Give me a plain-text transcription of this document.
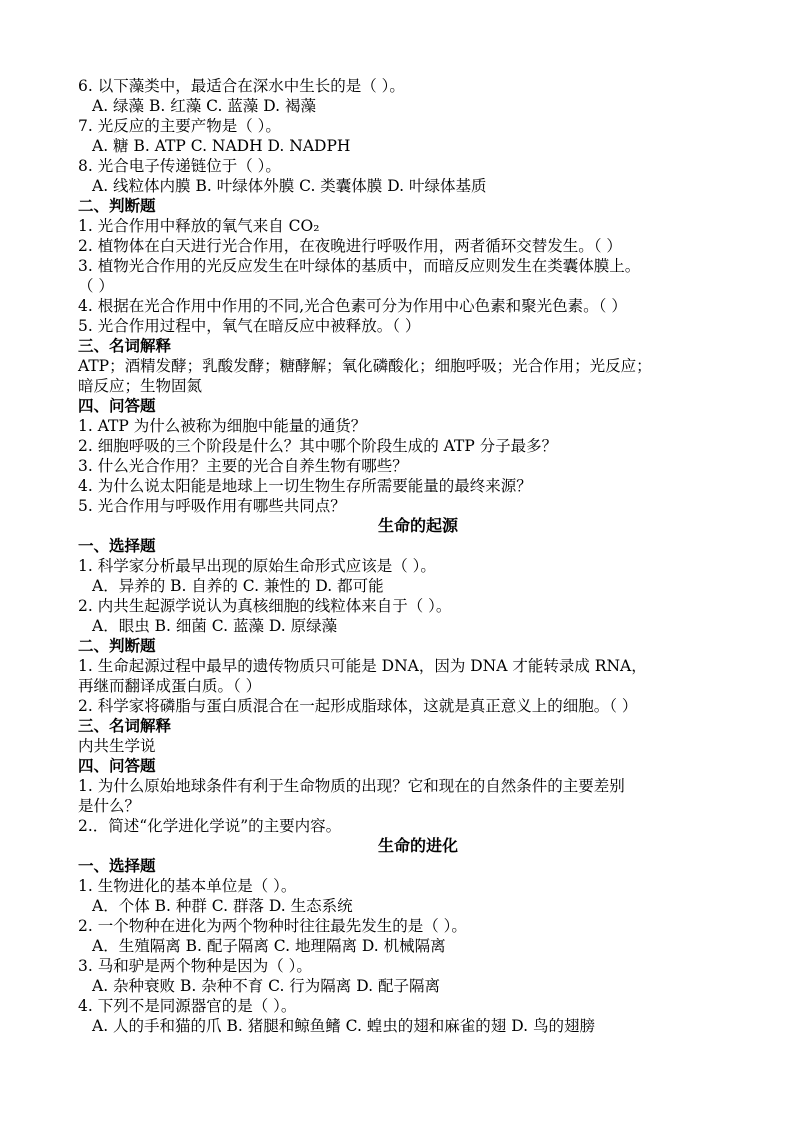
6. 以下藻类中，最适合在深水中生长的是（ ）。
A. 绿藻 B. 红藻 C. 蓝藻 D. 褐藻
7. 光反应的主要产物是（ ）。
A. 糖 B. ATP C. NADH D. NADPH
8. 光合电子传递链位于（ ）。
A. 线粒体内膜 B. 叶绿体外膜 C. 类囊体膜 D. 叶绿体基质
二、判断题
1. 光合作用中释放的氧气来自 CO₂
2. 植物体在白天进行光合作用，在夜晚进行呼吸作用，两者循环交替发生。（ ）
3. 植物光合作用的光反应发生在叶绿体的基质中，而暗反应则发生在类囊体膜上。
（ ）
4. 根据在光合作用中作用的不同,光合色素可分为作用中心色素和聚光色素。（ ）
5. 光合作用过程中，氧气在暗反应中被释放。（ ）
三、名词解释
ATP；酒精发酵；乳酸发酵；糖酵解；氧化磷酸化；细胞呼吸；光合作用；光反应；
暗反应；生物固氮
四、问答题
1. ATP 为什么被称为细胞中能量的通货？
2. 细胞呼吸的三个阶段是什么？其中哪个阶段生成的 ATP 分子最多？
3. 什么光合作用？主要的光合自养生物有哪些？
4. 为什么说太阳能是地球上一切生物生存所需要能量的最终来源？
5. 光合作用与呼吸作用有哪些共同点？
生命的起源
一、选择题
1. 科学家分析最早出现的原始生命形式应该是（ ）。
A．异养的 B. 自养的 C. 兼性的 D. 都可能
2. 内共生起源学说认为真核细胞的线粒体来自于（ ）。
A．眼虫 B. 细菌 C. 蓝藻 D. 原绿藻
二、判断题
1. 生命起源过程中最早的遗传物质只可能是 DNA，因为 DNA 才能转录成 RNA，
再继而翻译成蛋白质。（ ）
2. 科学家将磷脂与蛋白质混合在一起形成脂球体，这就是真正意义上的细胞。（ ）
三、名词解释
内共生学说
四、问答题
1. 为什么原始地球条件有利于生命物质的出现？它和现在的自然条件的主要差别
是什么？
2.．简述“化学进化学说”的主要内容。
生命的进化
一、选择题
1. 生物进化的基本单位是（ ）。
A．个体 B. 种群 C. 群落 D. 生态系统
2. 一个物种在进化为两个物种时往往最先发生的是（ ）。
A．生殖隔离 B. 配子隔离 C. 地理隔离 D. 机械隔离
3. 马和驴是两个物种是因为（ ）。
A. 杂种衰败 B. 杂种不育 C. 行为隔离 D. 配子隔离
4. 下列不是同源器官的是（ ）。
A. 人的手和猫的爪 B. 猪腿和鲸鱼鳍 C. 蝗虫的翅和麻雀的翅 D. 鸟的翅膀
